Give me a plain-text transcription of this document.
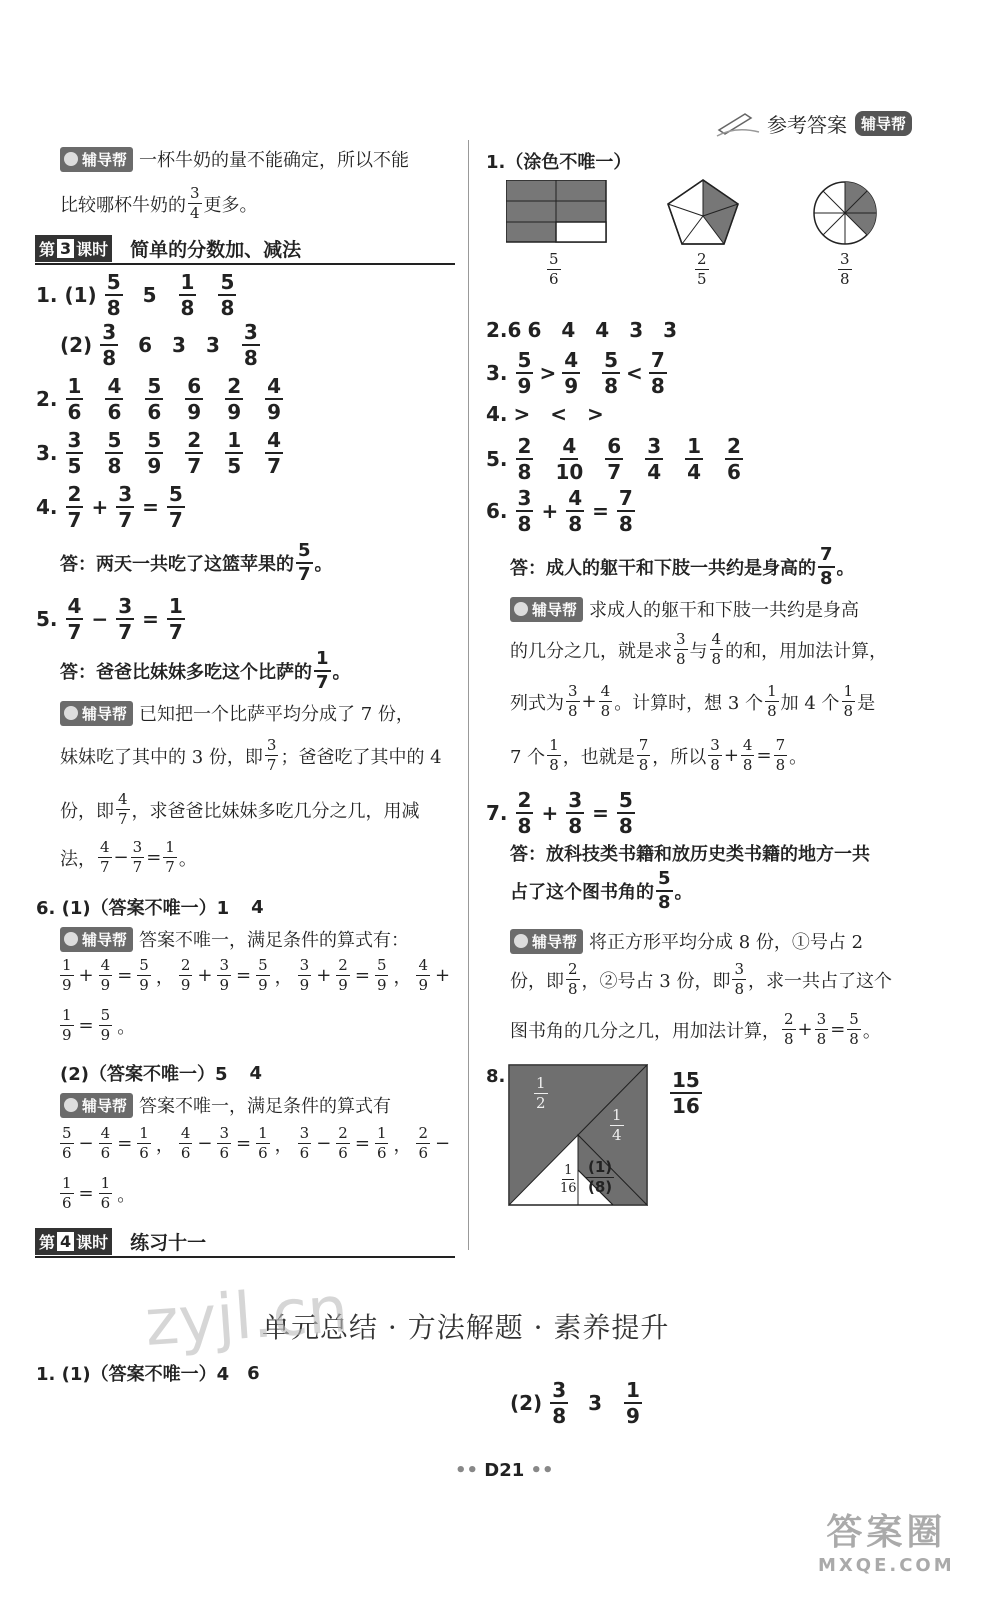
参考答案 辅导帮
辅导帮 一杯牛奶的量不能确定，所以不能
比较哪杯牛奶的 $\frac{3}{4}$ 更多。
第 3 课时 简单的分数加、减法
1. $(1) \frac{5}{8} 5 \frac{1}{8} \frac{5}{8}$
$(2) \frac{3}{8} 6$ 3 $3 \frac{3}{8}$
2. $\frac{1}{6} \frac{4}{6} \frac{5}{6} \frac{6}{9} \frac{2}{9} \frac{4}{9}$
3. $\frac{3}{5} \frac{5}{8} \frac{5}{9} \frac{2}{7} \frac{1}{5} \frac{4}{7}$
4. $\frac{2}{7} + \frac{3}{7} = \frac{5}{7}$
答：两天一共吃了这篮苹果的 $\frac{5}{7}$ 。
5. $\frac{4}{7} - \frac{3}{7} = \frac{1}{7}$
答：爸爸比妹妹多吃这个比萨的 $\frac{1}{7}$ 。
辅导帮 已知把一个比萨平均分成了 7 份，
妹妹吃了其中的 3 份，即 $\frac{3}{7}$ ；爸爸吃了其中的 4
份，即 $\frac{4}{7}$ ，求爸爸比妹妹多吃几分之几，用减
法， $\frac{4}{7} - \frac{3}{7} = \frac{1}{7}$ 。
6. (1)（答案不唯一）1 4
辅导帮 答案不唯一，满足条件的算式有：
$\frac{1}{9} + \frac{4}{9} = \frac{5}{9}$ ， $\frac{2}{9} + \frac{3}{9} = \frac{5}{9}$ ， $\frac{3}{9} + \frac{2}{9} = \frac{5}{9}$ ， $\frac{4}{9}$ +
$\frac{1}{9} = \frac{5}{9}$ 。
(2)（答案不唯一）5 4
辅导帮 答案不唯一，满足条件的算式有
$\frac{5}{6} - \frac{4}{6} = \frac{1}{6}$ ， $\frac{4}{6} - \frac{3}{6} = \frac{1}{6}$ ， $\frac{3}{6} - \frac{2}{6} = \frac{1}{6}$ ， $\frac{2}{6}$ −
$\frac{1}{6} = \frac{1}{6}$ 。
第 4 课时 练习十一
1.（涂色不唯一）
$\frac{5}{6}$	$\frac{2}{5}$	$\frac{3}{8}$
2.6 6 4 4 3 3
3. $\frac{5}{9} > \frac{4}{9} \frac{5}{8} < \frac{7}{8}$
4. > < >
5. $\frac{2}{8} \frac{4}{10} \frac{6}{7} \frac{3}{4} \frac{1}{4} \frac{2}{6}$
6. $\frac{3}{8} + \frac{4}{8} = \frac{7}{8}$
答：成人的躯干和下肢一共约是身高的 $\frac{7}{8}$ 。
辅导帮 求成人的躯干和下肢一共约是身高
的几分之几，就是求 $\frac{3}{8}$ 与 $\frac{4}{8}$ 的和，用加法计算，
列式为 $\frac{3}{8} + \frac{4}{8}$ 。计算时，想 3 个 $\frac{1}{8}$ 加 4 个 $\frac{1}{8}$ 是
7 个 $\frac{1}{8}$ ，也就是 $\frac{7}{8}$ ，所以 $\frac{3}{8} + \frac{4}{8} = \frac{7}{8}$ 。
7. $\frac{2}{8} + \frac{3}{8} = \frac{5}{8}$
答：放科技类书籍和放历史类书籍的地方一共
占了这个图书角的 $\frac{5}{8}$ 。
辅导帮 将正方形平均分成 8 份，①号占 2
份，即 $\frac{2}{8}$ ，②号占 3 份，即 $\frac{3}{8}$ ，求一共占了这个
图书角的几分之几，用加法计算， $\frac{2}{8} + \frac{3}{8} = \frac{5}{8}$ 。
8. $\frac{1}{2}$
$\frac{1}{4}$
$\frac{1}{16} \frac{(1)}{(8)}$
$\frac{15}{16}$
单元总结 · 方法解题 · 素养提升
zyjl.cn
1. (1)（答案不唯一）4 6
$(2) \frac{3}{8} 3 \frac{1}{9}$
•• D21 ••
答案圈
MXQE.COM
